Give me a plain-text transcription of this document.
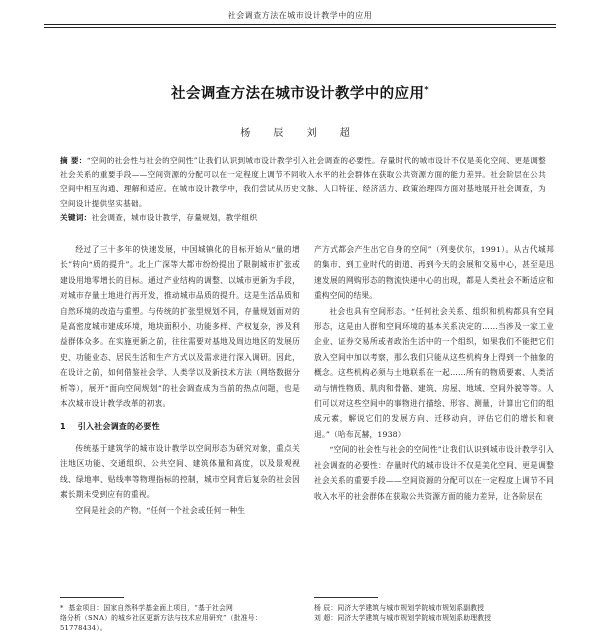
社会调查方法在城市设计教学中的应用
社会调查方法在城市设计教学中的应用*
杨 辰 刘 超
摘 要：“空间的社会性与社会的空间性”让我们认识到城市设计教学引入社会调查的必要性。存量时代的城市设计不仅是美化空间、更是调整社会关系的重要手段——空间资源的分配可以在一定程度上调节不同收入水平的社会群体在获取公共资源方面的能力差异。社会阶层在公共空间中相互沟通、理解和适应。在城市设计教学中，我们尝试从历史文脉、人口特征、经济活力、政策治理四方面对基地展开社会调查，为空间设计提供坚实基础。
关键词：社会调查，城市设计教学，存量规划，教学组织

经过了三十多年的快速发展，中国城镇化的目标开始从“量的增长”转向“质的提升”。北上广深等大都市纷纷提出了限制城市扩张或建设用地零增长的目标。通过产业结构的调整、以城市更新为手段，对城市存量土地进行再开发，推动城市品质的提升。这是生活品质和自然环境的改造与重塑。与传统的扩张型规划不同，存量规划面对的是高密度城市建成环境，地块面积小、功能多样、产权复杂，涉及利益群体众多。在实施更新之前，往往需要对基地及周边地区的发展历史、功能业态、居民生活和生产方式以及需求进行深入调研。因此，在设计之前，如何借鉴社会学、人类学以及新技术方法（网络数据分析等），展开“面向空间规划”的社会调查成为当前的热点问题，也是本次城市设计教学改革的初衷。

1 引入社会调查的必要性

传统基于建筑学的城市设计教学以空间形态为研究对象，重点关注地区功能、交通组织、公共空间、建筑体量和高度，以及景观视线、绿地率、贴线率等物理指标的控制，城市空间背后复杂的社会因素长期未受到应有的重视。

空间是社会的产物。“任何一个社会或任何一种生

产方式都会产生出它自身的空间”（列斐伏尔，1991）。从古代城邦的集市、到工业时代的街道、再到今天的会展和交易中心，甚至是迅速发展的网购形态的物流快递中心的出现，都是人类社会不断适应和重构空间的结果。

社会也具有空间形态。“任何社会关系、组织和机构都具有空间形态，这是由人群和空间环境的基本关系决定的……当涉及一家工业企业、证券交易所或者政治生活中的一个组织，如果我们不能把它们放入空间中加以考察，那么我们只能从这些机构身上得到一个抽象的概念。这些机构必须与土地联系在一起……所有的物质要素、人类活动与情性物质、肌肉和骨骼、建筑、房屋、地域、空间外貌等等。人们可以对这些空间中的事物进行描绘、形容、测量，计算出它们的组成元素，解说它们的发展方向、迁移动向，评估它们的增长和衰退。”（哈布瓦赫，1938）

“空间的社会性与社会的空间性”让我们认识到城市设计教学引入社会调查的必要性：存量时代的城市设计不仅是美化空间、更是调整社会关系的重要手段——空间资源的分配可以在一定程度上调节不同收入水平的社会群体在获取公共资源方面的能力差异，让各阶层在

* 基金项目：国家自然科学基金面上项目，“基于社会网
络分析（SNA）的城乡社区更新方法与技术应用研究”（批准号：
51778434）。
杨 辰：同济大学建筑与城市规划学院城市规划系副教授
刘 超：同济大学建筑与城市规划学院城市规划系助理教授
